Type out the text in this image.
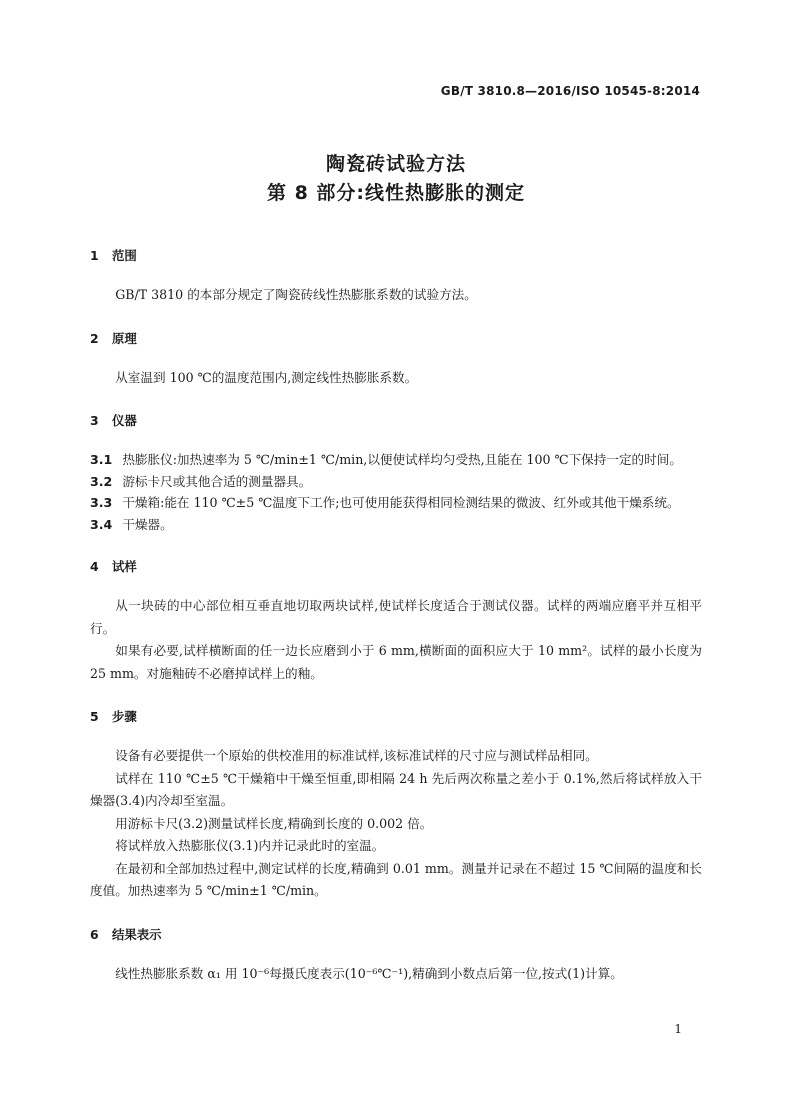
GB/T 3810.8—2016/ISO 10545-8:2014
陶瓷砖试验方法
第 8 部分:线性热膨胀的测定
1 范围

GB/T 3810 的本部分规定了陶瓷砖线性热膨胀系数的试验方法。

2 原理

从室温到 100 ℃的温度范围内,测定线性热膨胀系数。

3 仪器

3.1 热膨胀仪:加热速率为 5 ℃/min±1 ℃/min,以便使试样均匀受热,且能在 100 ℃下保持一定的时间。

3.2 游标卡尺或其他合适的测量器具。

3.3 干燥箱:能在 110 ℃±5 ℃温度下工作;也可使用能获得相同检测结果的微波、红外或其他干燥系统。

3.4 干燥器。

4 试样

从一块砖的中心部位相互垂直地切取两块试样,使试样长度适合于测试仪器。试样的两端应磨平并互相平行。

如果有必要,试样横断面的任一边长应磨到小于 6 mm,横断面的面积应大于 10 mm²。试样的最小长度为 25 mm。对施釉砖不必磨掉试样上的釉。

5 步骤

设备有必要提供一个原始的供校准用的标准试样,该标准试样的尺寸应与测试样品相同。

试样在 110 ℃±5 ℃干燥箱中干燥至恒重,即相隔 24 h 先后两次称量之差小于 0.1%,然后将试样放入干燥器(3.4)内冷却至室温。

用游标卡尺(3.2)测量试样长度,精确到长度的 0.002 倍。

将试样放入热膨胀仪(3.1)内并记录此时的室温。

在最初和全部加热过程中,测定试样的长度,精确到 0.01 mm。测量并记录在不超过 15 ℃间隔的温度和长度值。加热速率为 5 ℃/min±1 ℃/min。

6 结果表示

线性热膨胀系数 α₁ 用 10⁻⁶每摄氏度表示(10⁻⁶℃⁻¹),精确到小数点后第一位,按式(1)计算。

1
